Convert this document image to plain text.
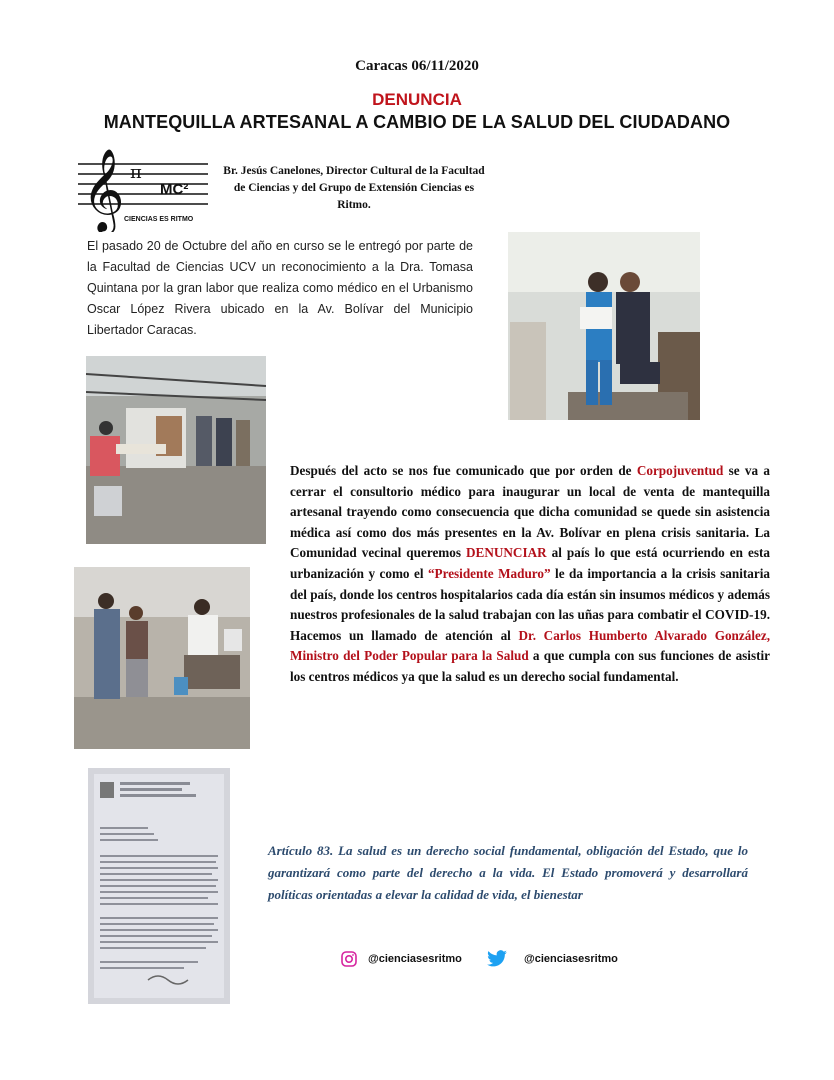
Caracas 06/11/2020
DENUNCIA
MANTEQUILLA ARTESANAL A CAMBIO DE LA SALUD DEL CIUDADANO
𝄞 π
MC²
CIENCIAS ES RITMO
Br. Jesús Canelones, Director Cultural de la Facultad de Ciencias y del Grupo de Extensión Ciencias es Ritmo.
El pasado 20 de Octubre del año en curso se le entregó por parte de la Facultad de Ciencias UCV un reconocimiento a la Dra. Tomasa Quintana por la gran labor que realiza como médico en el Urbanismo Oscar López Rivera ubicado en la Av. Bolívar del Municipio Libertador Caracas.
Después del acto se nos fue comunicado que por orden de Corpojuventud se va a cerrar el consultorio médico para inaugurar un local de venta de mantequilla artesanal trayendo como consecuencia que dicha comunidad se quede sin asistencia médica así como dos más presentes en la Av. Bolívar en plena crisis sanitaria. La Comunidad vecinal queremos DENUNCIAR al país lo que está ocurriendo en esta urbanización y como el “Presidente Maduro” le da importancia a la crisis sanitaria del país, donde los centros hospitalarios cada día están sin insumos médicos y además nuestros profesionales de la salud trabajan con las uñas para combatir el COVID-19. Hacemos un llamado de atención al Dr. Carlos Humberto Alvarado González, Ministro del Poder Popular para la Salud a que cumpla con sus funciones de asistir los centros médicos ya que la salud es un derecho social fundamental.
Artículo 83. La salud es un derecho social fundamental, obligación del Estado, que lo garantizará como parte del derecho a la vida. El Estado promoverá y desarrollará políticas orientadas a elevar la calidad de vida, el bienestar
@cienciasesritmo	@cienciasesritmo
